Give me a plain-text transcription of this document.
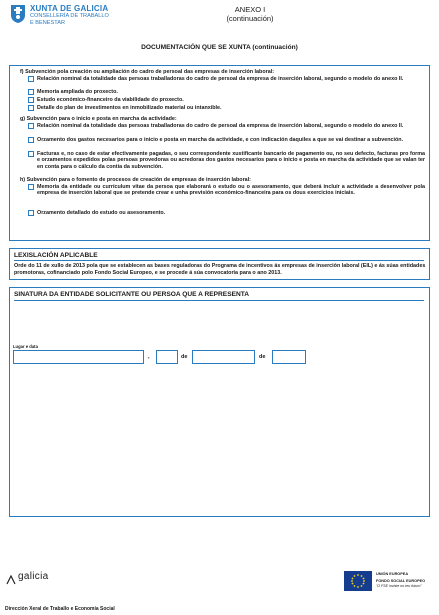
XUNTA DE GALICIA
CONSELLERÍA DE TRABALLO
E BENESTAR
ANEXO I
(continuación)
DOCUMENTACIÓN QUE SE XUNTA (continuación)
f) Subvención pola creación ou ampliación do cadro de persoal das empresas de inserción laboral:
Relación nominal da totalidade das persoas traballadoras do cadro de persoal da empresa de inserción laboral, segundo o modelo do anexo II.
Memoria ampliada do proxecto.
Estudo económico-financeiro da viabilidade do proxecto.
Detalle do plan de investimentos en inmobilizado material ou intanxible.
g) Subvención para o inicio e posta en marcha da actividade:
Relación nominal da totalidade das persoas traballadoras do cadro de persoal da empresa de inserción laboral, segundo o modelo do anexo II.
Orzamento dos gastos necesarios para o inicio e posta en marcha da actividade, e con indicación daquiles a que se vai destinar a subvención.
Facturas e, no caso de estar efectivamente pagadas, o seu correspondente xustificante bancario de pagamento ou, no seu defecto, facturas pro forma e orzamentos expedidos polas persoas provedoras ou acredoras dos gastos necesarios para o inicio e posta en marcha da actividade que se valan ter en conta para o cálculo da contía da subvención.
h) Subvención para o fomento de procesos de creación de empresas de inserción laboral:
Memoria da entidade ou currículum vitae da persoa que elaborará o estudo ou o asesoramento, que deberá incluír a actividade a desenvolver pola empresa de inserción laboral que se pretende crear e unha previsión económico-financeira para os dous exercicios iniciais.
Orzamento detallado do estudo ou asesoramento.
LEXISLACIÓN APLICABLE
Orde do 11 de xullo de 2013 pola que se establecen as bases reguladoras do Programa de incentivos ás empresas de inserción laboral (EIL) e ás súas entidades promotoras, cofinanciado polo Fondo Social Europeo, e se procede á súa convocatoria para o ano 2013.
SINATURA DA ENTIDADE SOLICITANTE OU PERSOA QUE A REPRESENTA
Lugar e data
,	de	de
galicia	UNIÓN EUROPEA
FONDO SOCIAL EUROPEO
"O FSE inviste no teu futuro"
Dirección Xeral de Traballo e Economía Social
